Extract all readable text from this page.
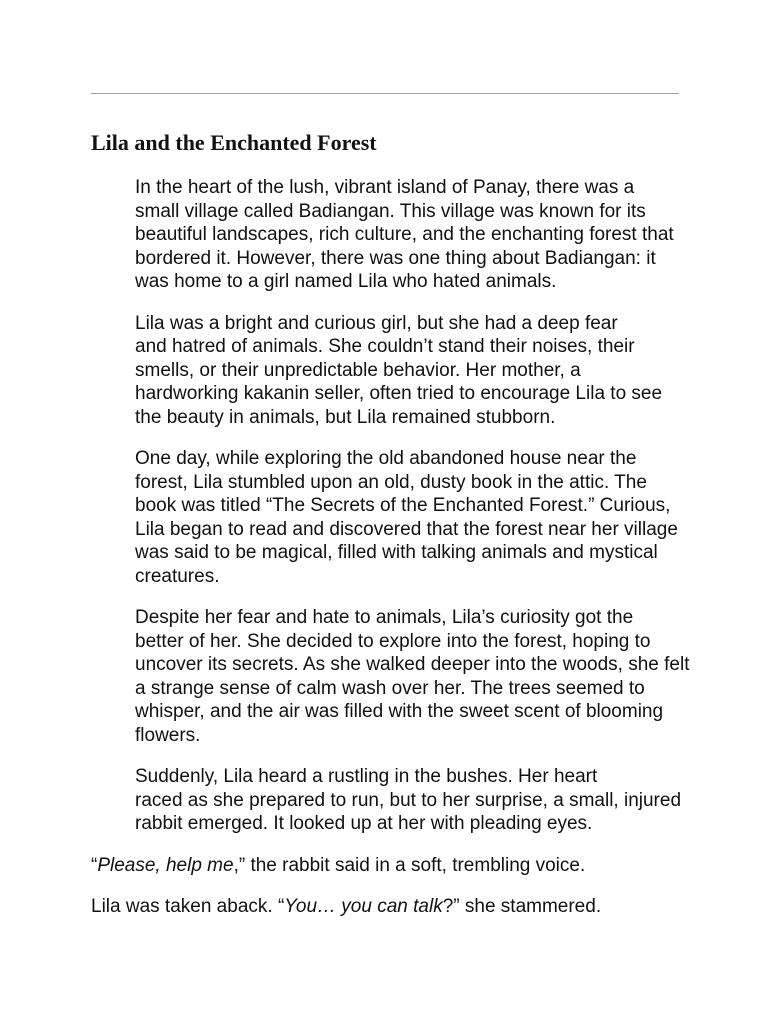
Lila and the Enchanted Forest

In the heart of the lush, vibrant island of Panay, there was a
small village called Badiangan. This village was known for its
beautiful landscapes, rich culture, and the enchanting forest that
bordered it. However, there was one thing about Badiangan: it
was home to a girl named Lila who hated animals.

Lila was a bright and curious girl, but she had a deep fear
and hatred of animals. She couldn’t stand their noises, their
smells, or their unpredictable behavior. Her mother, a
hardworking kakanin seller, often tried to encourage Lila to see
the beauty in animals, but Lila remained stubborn.

One day, while exploring the old abandoned house near the
forest, Lila stumbled upon an old, dusty book in the attic. The
book was titled “The Secrets of the Enchanted Forest.” Curious,
Lila began to read and discovered that the forest near her village
was said to be magical, filled with talking animals and mystical
creatures.

Despite her fear and hate to animals, Lila’s curiosity got the
better of her. She decided to explore into the forest, hoping to
uncover its secrets. As she walked deeper into the woods, she felt
a strange sense of calm wash over her. The trees seemed to
whisper, and the air was filled with the sweet scent of blooming
flowers.

Suddenly, Lila heard a rustling in the bushes. Her heart
raced as she prepared to run, but to her surprise, a small, injured
rabbit emerged. It looked up at her with pleading eyes.

“Please, help me,” the rabbit said in a soft, trembling voice.

Lila was taken aback. “You… you can talk?” she stammered.
